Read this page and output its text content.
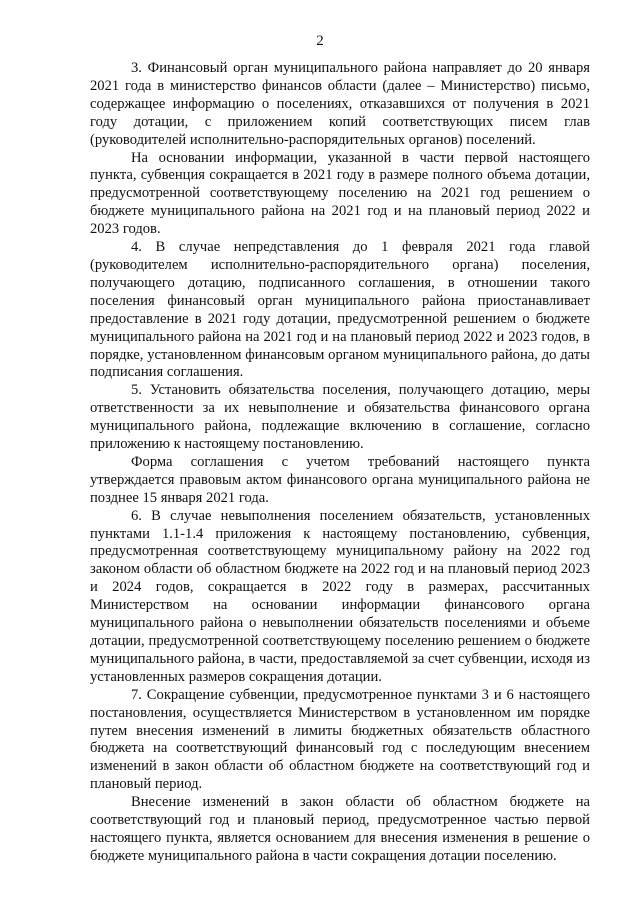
2

3. Финансовый орган муниципального района направляет до 20 января 2021 года в министерство финансов области (далее – Министерство) письмо, содержащее информацию о поселениях, отказавшихся от получения в 2021 году дотации, с приложением копий соответствующих писем глав (руководителей исполнительно-распорядительных органов) поселений.

На основании информации, указанной в части первой настоящего пункта, субвенция сокращается в 2021 году в размере полного объема дотации, предусмотренной соответствующему поселению на 2021 год решением о бюджете муниципального района на 2021 год и на плановый период 2022 и 2023 годов.

4. В случае непредставления до 1 февраля 2021 года главой (руководителем исполнительно-распорядительного органа) поселения, получающего дотацию, подписанного соглашения, в отношении такого поселения финансовый орган муниципального района приостанавливает предоставление в 2021 году дотации, предусмотренной решением о бюджете муниципального района на 2021 год и на плановый период 2022 и 2023 годов, в порядке, установленном финансовым органом муниципального района, до даты подписания соглашения.

5. Установить обязательства поселения, получающего дотацию, меры ответственности за их невыполнение и обязательства финансового органа муниципального района, подлежащие включению в соглашение, согласно приложению к настоящему постановлению.

Форма соглашения с учетом требований настоящего пункта утверждается правовым актом финансового органа муниципального района не позднее 15 января 2021 года.

6. В случае невыполнения поселением обязательств, установленных пунктами 1.1-1.4 приложения к настоящему постановлению, субвенция, предусмотренная соответствующему муниципальному району на 2022 год законом области об областном бюджете на 2022 год и на плановый период 2023 и 2024 годов, сокращается в 2022 году в размерах, рассчитанных Министерством на основании информации финансового органа муниципального района о невыполнении обязательств поселениями и объеме дотации, предусмотренной соответствующему поселению решением о бюджете муниципального района, в части, предоставляемой за счет субвенции, исходя из установленных размеров сокращения дотации.

7. Сокращение субвенции, предусмотренное пунктами 3 и 6 настоящего постановления, осуществляется Министерством в установленном им порядке путем внесения изменений в лимиты бюджетных обязательств областного бюджета на соответствующий финансовый год с последующим внесением изменений в закон области об областном бюджете на соответствующий год и плановый период.

Внесение изменений в закон области об областном бюджете на соответствующий год и плановый период, предусмотренное частью первой настоящего пункта, является основанием для внесения изменения в решение о бюджете муниципального района в части сокращения дотации поселению.
